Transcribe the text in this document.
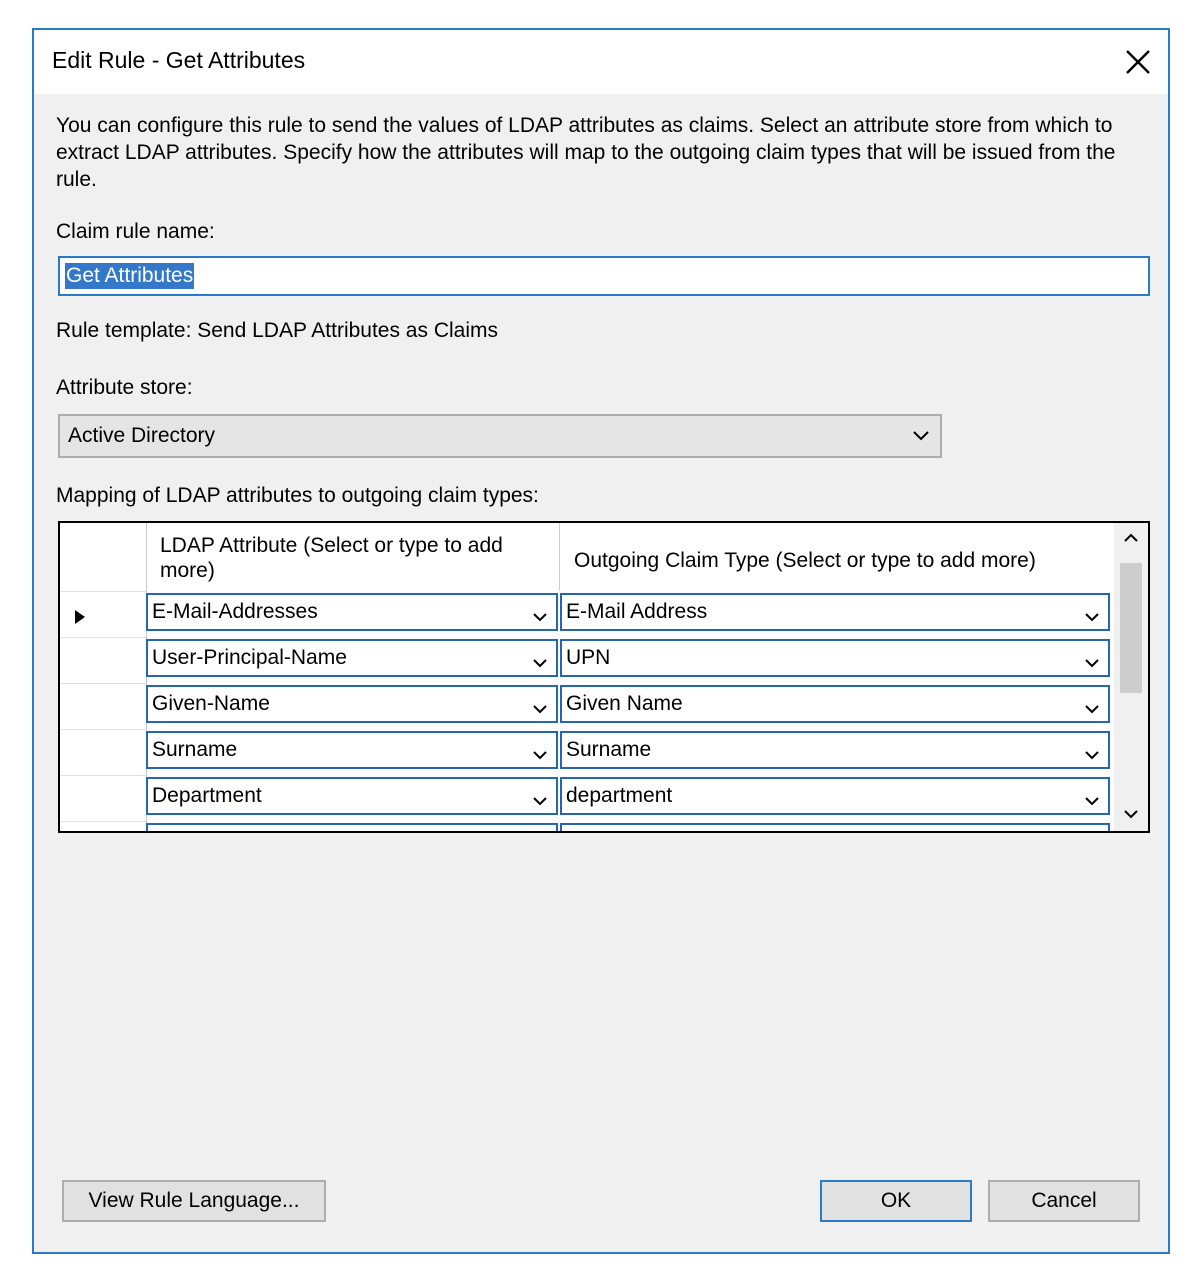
Edit Rule - Get Attributes
You can configure this rule to send the values of LDAP attributes as claims. Select an attribute store from which to extract LDAP attributes. Specify how the attributes will map to the outgoing claim types that will be issued from the rule.
Claim rule name:
Get Attributes
Rule template: Send LDAP Attributes as Claims
Attribute store:
Active Directory
Mapping of LDAP attributes to outgoing claim types:
LDAP Attribute (Select or type to add more)	Outgoing Claim Type (Select or type to add more)
E-Mail-Addresses	E-Mail Address
User-Principal-Name	UPN
Given-Name	Given Name
Surname	Surname
Department	department
View Rule Language...	OK	Cancel
